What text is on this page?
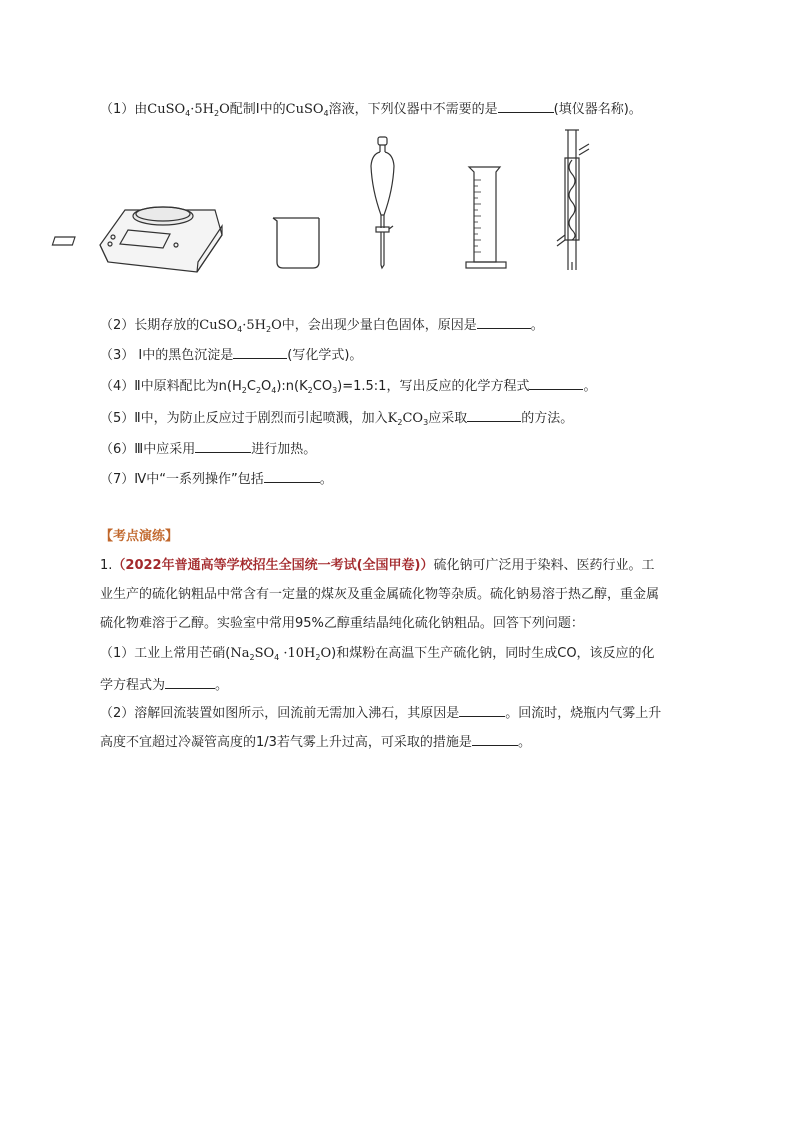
（1）由$CuSO_4\cdot 5H_2O$配制Ⅰ中的CuSO$_4$溶液，下列仪器中不需要的是	(填仪器名称)。
（2）长期存放的$CuSO_4\cdot 5H_2O$中，会出现少量白色固体，原因是	。
（3） Ⅰ中的黑色沉淀是	(写化学式)。
（4）Ⅱ中原料配比为$n(H_2C_2O_4):n(K_2CO_3)=1.5:1$，写出反应的化学方程式	。
（5）Ⅱ中，为防止反应过于剧烈而引起喷溅，加入$K_2CO_3$应采取	的方法。
（6）Ⅲ中应采用	进行加热。
（7）Ⅳ中“一系列操作”包括	。
【考点演练】
1.（2022年普通高等学校招生全国统一考试(全国甲卷)）硫化钠可广泛用于染料、医药行业。工
业生产的硫化钠粗品中常含有一定量的煤灰及重金属硫化物等杂质。硫化钠易溶于热乙醇，重金属
硫化物难溶于乙醇。实验室中常用95%乙醇重结晶纯化硫化钠粗品。回答下列问题：
（1）工业上常用芒硝$(Na_2SO_4 \cdot 10H_2O)$和煤粉在高温下生产硫化钠，同时生成CO，该反应的化
学方程式为	。
（2）溶解回流装置如图所示，回流前无需加入沸石，其原因是	。回流时，烧瓶内气雾上升
高度不宜超过冷凝管高度的1/3若气雾上升过高，可采取的措施是	。
